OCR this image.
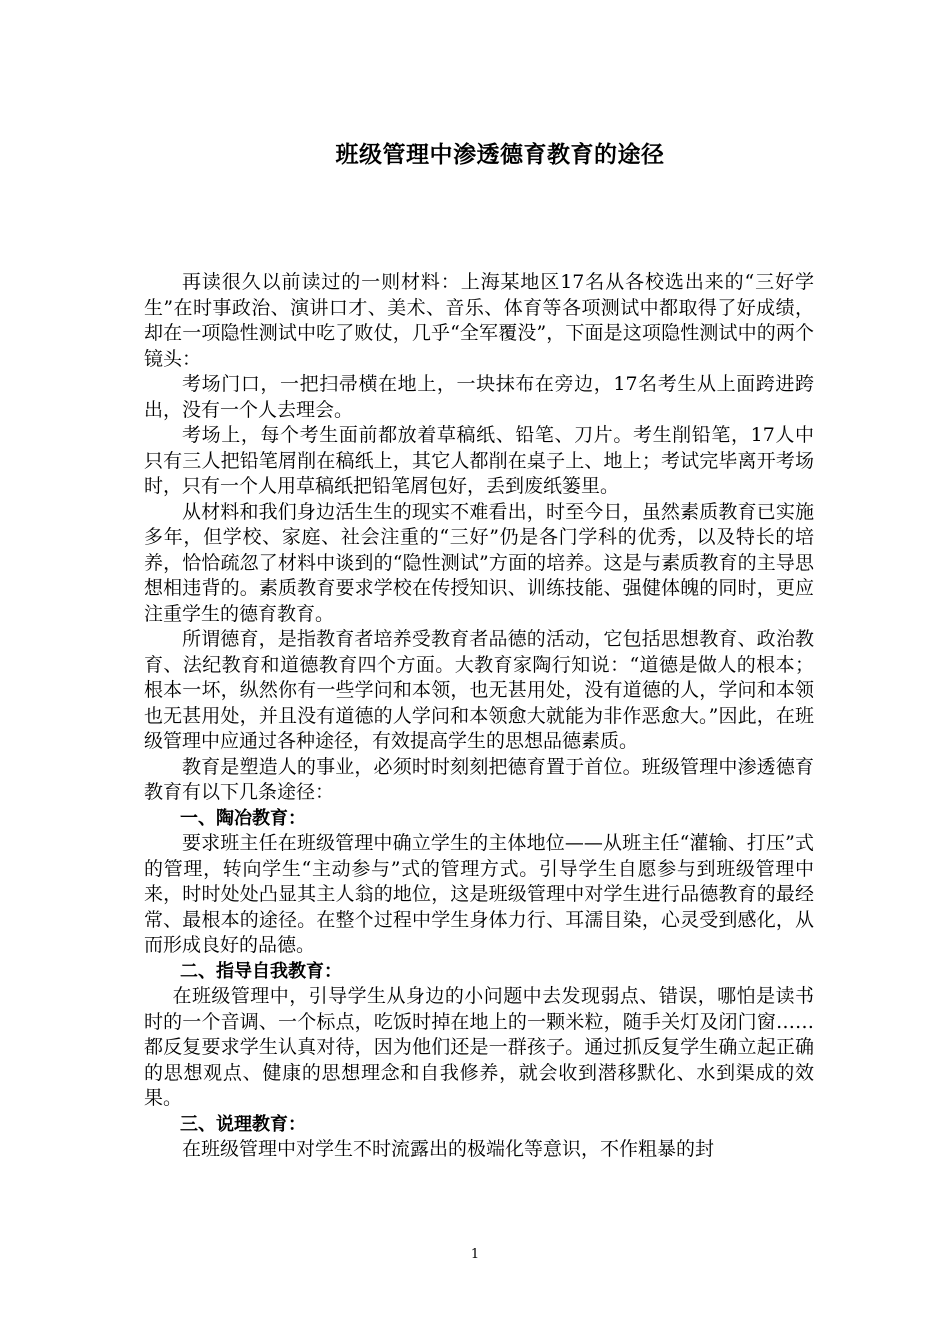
班级管理中渗透德育教育的途径

再读很久以前读过的一则材料：上海某地区17名从各校选出来的“三好学生”在时事政治、演讲口才、美术、音乐、体育等各项测试中都取得了好成绩，却在一项隐性测试中吃了败仗，几乎“全军覆没”，下面是这项隐性测试中的两个镜头：

考场门口，一把扫帚横在地上，一块抹布在旁边，17名考生从上面跨进跨出，没有一个人去理会。

考场上，每个考生面前都放着草稿纸、铅笔、刀片。考生削铅笔，17人中只有三人把铅笔屑削在稿纸上，其它人都削在桌子上、地上；考试完毕离开考场时，只有一个人用草稿纸把铅笔屑包好，丢到废纸篓里。

从材料和我们身边活生生的现实不难看出，时至今日，虽然素质教育已实施多年，但学校、家庭、社会注重的“三好”仍是各门学科的优秀，以及特长的培养，恰恰疏忽了材料中谈到的“隐性测试”方面的培养。这是与素质教育的主导思想相违背的。素质教育要求学校在传授知识、训练技能、强健体魄的同时，更应注重学生的德育教育。

所谓德育，是指教育者培养受教育者品德的活动，它包括思想教育、政治教育、法纪教育和道德教育四个方面。大教育家陶行知说：“道德是做人的根本；根本一坏，纵然你有一些学问和本领，也无甚用处，没有道德的人，学问和本领也无甚用处，并且没有道德的人学问和本领愈大就能为非作恶愈大。”因此，在班级管理中应通过各种途径，有效提高学生的思想品德素质。

教育是塑造人的事业，必须时时刻刻把德育置于首位。班级管理中渗透德育教育有以下几条途径：

一、陶冶教育：

要求班主任在班级管理中确立学生的主体地位——从班主任“灌输、打压”式的管理，转向学生“主动参与”式的管理方式。引导学生自愿参与到班级管理中来，时时处处凸显其主人翁的地位，这是班级管理中对学生进行品德教育的最经常、最根本的途径。在整个过程中学生身体力行、耳濡目染，心灵受到感化，从而形成良好的品德。

二、指导自我教育：

在班级管理中，引导学生从身边的小问题中去发现弱点、错误，哪怕是读书时的一个音调、一个标点，吃饭时掉在地上的一颗米粒，随手关灯及闭门窗……都反复要求学生认真对待，因为他们还是一群孩子。通过抓反复学生确立起正确的思想观点、健康的思想理念和自我修养，就会收到潜移默化、水到渠成的效果。

三、说理教育：

在班级管理中对学生不时流露出的极端化等意识，不作粗暴的封

1
